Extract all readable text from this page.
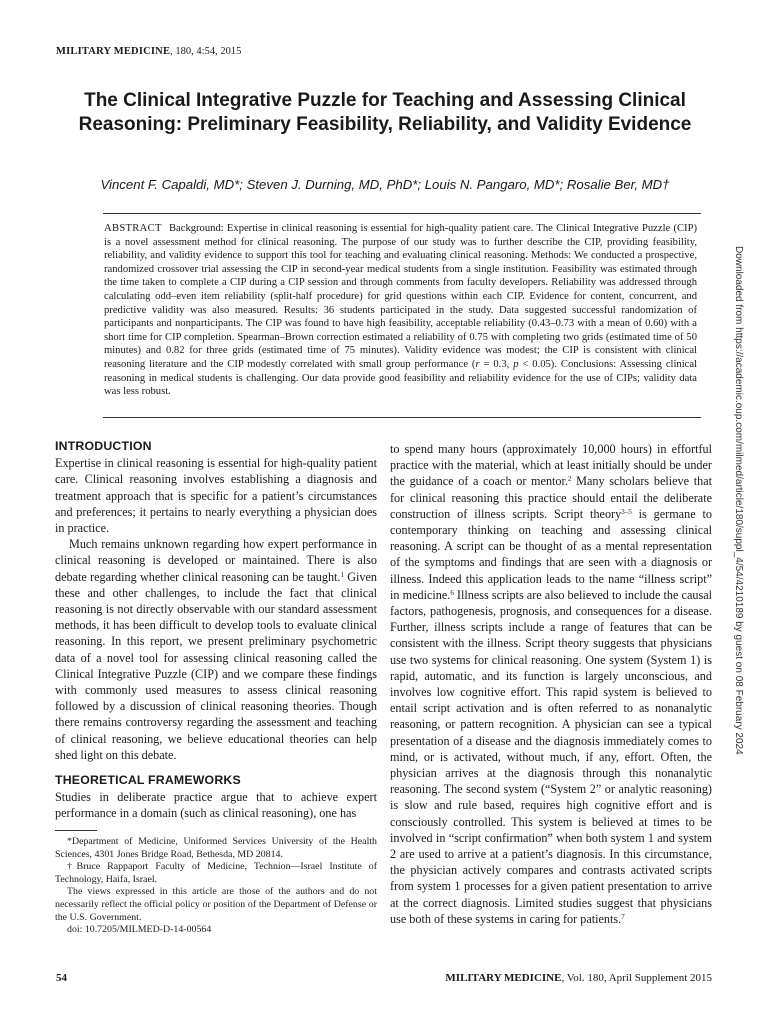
MILITARY MEDICINE, 180, 4:54, 2015
The Clinical Integrative Puzzle for Teaching and Assessing Clinical Reasoning: Preliminary Feasibility, Reliability, and Validity Evidence
Vincent F. Capaldi, MD*; Steven J. Durning, MD, PhD*; Louis N. Pangaro, MD*; Rosalie Ber, MD†

ABSTRACT Background: Expertise in clinical reasoning is essential for high-quality patient care. The Clinical Integrative Puzzle (CIP) is a novel assessment method for clinical reasoning. The purpose of our study was to further describe the CIP, providing feasibility, reliability, and validity evidence to support this tool for teaching and evaluating clinical reasoning. Methods: We conducted a prospective, randomized crossover trial assessing the CIP in second-year medical students from a single institution. Feasibility was estimated through the time taken to complete a CIP during a CIP session and through comments from faculty developers. Reliability was addressed through calculating odd–even item reliability (split-half procedure) for grid questions within each CIP. Evidence for content, concurrent, and predictive validity was also measured. Results: 36 students participated in the study. Data suggested successful randomization of participants and nonparticipants. The CIP was found to have high feasibility, acceptable reliability (0.43–0.73 with a mean of 0.60) with a short time for CIP completion. Spearman–Brown correction estimated a reliability of 0.75 with completing two grids (estimated time of 50 minutes) and 0.82 for three grids (estimated time of 75 minutes). Validity evidence was modest; the CIP is consistent with clinical reasoning literature and the CIP modestly correlated with small group performance (r = 0.3, p < 0.05). Conclusions: Assessing clinical reasoning in medical students is challenging. Our data provide good feasibility and reliability evidence for the use of CIPs; validity data was less robust.	Downloaded from https://academic.oup.com/milmed/article/180/suppl_4/54/4210189 by guest on 08 February 2024
INTRODUCTION

Expertise in clinical reasoning is essential for high-quality patient care. Clinical reasoning involves establishing a diagnosis and treatment approach that is specific for a patient’s circumstances and preferences; it pertains to nearly everything a physician does in practice.

Much remains unknown regarding how expert performance in clinical reasoning is developed or maintained. There is also debate regarding whether clinical reasoning can be taught.$^1$ Given these and other challenges, to include the fact that clinical reasoning is not directly observable with our standard assessment methods, it has been difficult to develop tools to evaluate clinical reasoning. In this report, we present preliminary psychometric data of a novel tool for assessing clinical reasoning called the Clinical Integrative Puzzle (CIP) and we compare these findings with commonly used measures to assess clinical reasoning followed by a discussion of clinical reasoning theories. Though there remains controversy regarding the assessment and teaching of clinical reasoning, we believe educational theories can help shed light on this debate.

THEORETICAL FRAMEWORKS

Studies in deliberate practice argue that to achieve expert performance in a domain (such as clinical reasoning), one has

to spend many hours (approximately 10,000 hours) in effortful practice with the material, which at least initially should be under the guidance of a coach or mentor.$^2$ Many scholars believe that for clinical reasoning this practice should entail the deliberate construction of illness scripts. Script theory$^{3-5}$ is germane to contemporary thinking on teaching and assessing clinical reasoning. A script can be thought of as a mental representation of the symptoms and findings that are seen with a diagnosis or illness. Indeed this application leads to the name “illness script” in medicine.$^6$ Illness scripts are also believed to include the causal factors, pathogenesis, prognosis, and consequences for a disease. Further, illness scripts include a range of features that can be consistent with the illness. Script theory suggests that physicians use two systems for clinical reasoning. One system (System 1) is rapid, automatic, and its function is largely unconscious, and involves low cognitive effort. This rapid system is believed to entail script activation and is often referred to as nonanalytic reasoning, or pattern recognition. A physician can see a typical presentation of a disease and the diagnosis immediately comes to mind, or is activated, without much, if any, effort. Often, the physician arrives at the diagnosis through this nonanalytic reasoning. The second system (“System 2” or analytic reasoning) is slow and rule based, requires high cognitive effort and is consciously controlled. This system is believed at times to be involved in “script confirmation” when both system 1 and system 2 are used to arrive at a patient’s diagnosis. In this circumstance, the physician actively compares and contrasts activated scripts from system 1 processes for a given patient presentation to arrive at the correct diagnosis. Limited studies suggest that physicians use both of these systems in caring for patients.$^7$

*Department of Medicine, Uniformed Services University of the Health Sciences, 4301 Jones Bridge Road, Bethesda, MD 20814.

†Bruce Rappaport Faculty of Medicine, Technion—Israel Institute of Technology, Haifa, Israel.

The views expressed in this article are those of the authors and do not necessarily reflect the official policy or position of the Department of Defense or the U.S. Government.

doi: 10.7205/MILMED-D-14-00564

54	MILITARY MEDICINE, Vol. 180, April Supplement 2015
